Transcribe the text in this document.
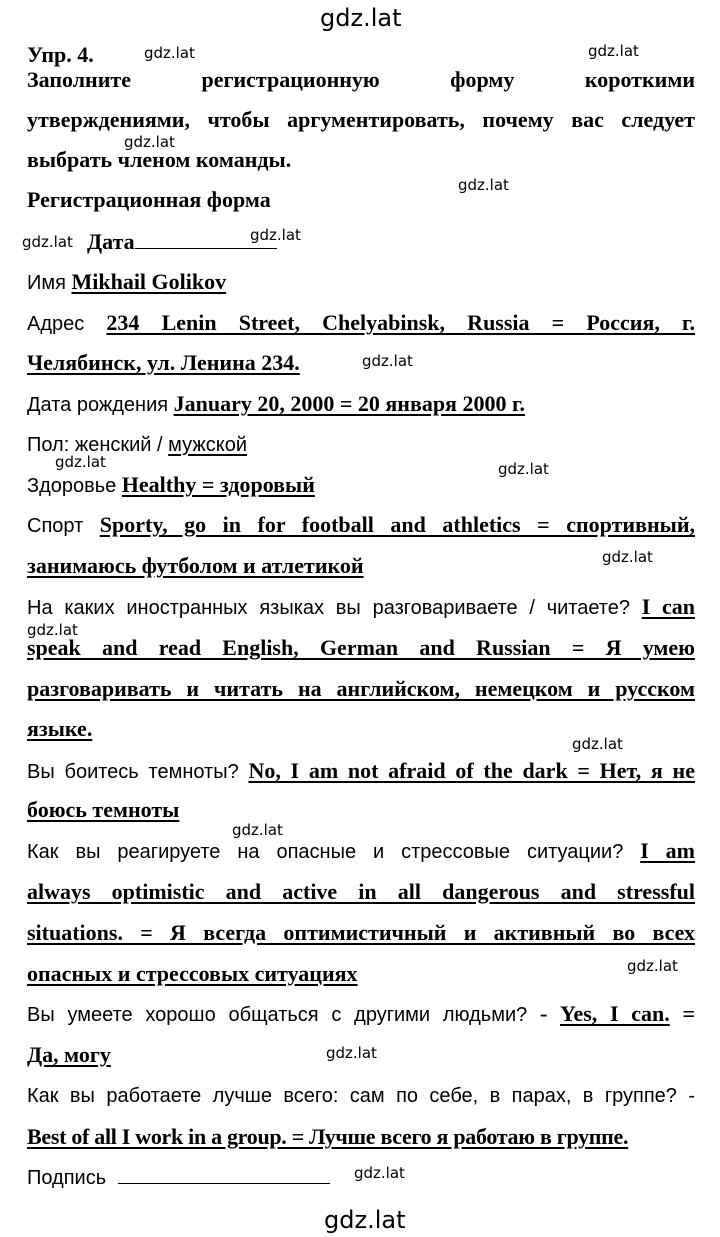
gdz.lat
gdz.lat	gdz.lat
gdz.lat
gdz.lat
gdz.lat	gdz.lat
gdz.lat
gdz.lat	gdz.lat
gdz.lat
gdz.lat
gdz.lat
gdz.lat
gdz.lat
gdz.lat
gdz.lat
gdz.lat
Упр. 4.
Заполните регистрационную форму короткими
утверждениями, чтобы аргументировать, почему вас следует
выбрать членом команды.
Регистрационная форма
Дата
Имя Mikhail Golikov
Адрес 234 Lenin Street, Chelyabinsk, Russia = Россия, г.
Челябинск, ул. Ленина 234.
Дата рождения January 20, 2000 = 20 января 2000 г.
Пол: женский / мужской
Здоровье Healthy = здоровый
Спорт Sporty, go in for football and athletics = спортивный,
занимаюсь футболом и атлетикой
На каких иностранных языках вы разговариваете / читаете? I can
speak and read English, German and Russian = Я умею
разговаривать и читать на английском, немецком и русском
языке.
Вы боитесь темноты? No, I am not afraid of the dark = Нет, я не
боюсь темноты
Как вы реагируете на опасные и стрессовые ситуации? I am
always optimistic and active in all dangerous and stressful
situations. = Я всегда оптимистичный и активный во всех
опасных и стрессовых ситуациях
Вы умеете хорошо общаться с другими людьми? - Yes, I can. =
Да, могу
Как вы работаете лучше всего: сам по себе, в парах, в группе? -
Best of all I work in a group. = Лучше всего я работаю в группе.
Подпись
